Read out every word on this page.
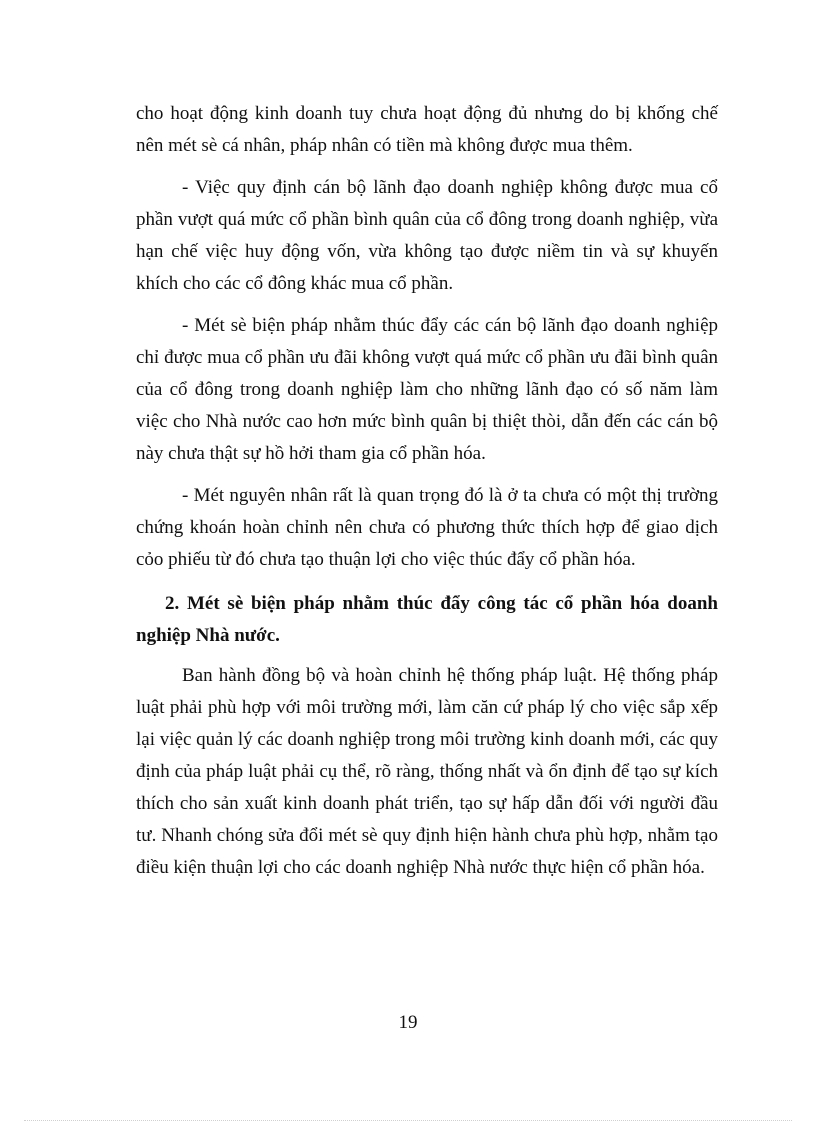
cho hoạt động kinh doanh tuy chưa hoạt động đủ nhưng do bị khống chế nên mét sè cá nhân, pháp nhân có tiền mà không được mua thêm.

- Việc quy định cán bộ lãnh đạo doanh nghiệp không được mua cổ phần vượt quá mức cổ phần bình quân của cổ đông trong doanh nghiệp, vừa hạn chế việc huy động vốn, vừa không tạo được niềm tin và sự khuyến khích cho các cổ đông khác mua cổ phần.

- Mét sè biện pháp nhằm thúc đẩy các cán bộ lãnh đạo doanh nghiệp chỉ được mua cổ phần ưu đãi không vượt quá mức cổ phần ưu đãi bình quân của cổ đông trong doanh nghiệp làm cho những lãnh đạo có số năm làm việc cho Nhà nước cao hơn mức bình quân bị thiệt thòi, dẫn đến các cán bộ này chưa thật sự hồ hởi tham gia cổ phần hóa.

- Mét nguyên nhân rất là quan trọng đó là ở ta chưa có một thị trường chứng khoán hoàn chỉnh nên chưa có phương thức thích hợp để giao dịch cỏo phiếu từ đó chưa tạo thuận lợi cho việc thúc đẩy cổ phần hóa.

2. Mét sè biện pháp nhằm thúc đẩy công tác cổ phần hóa doanh nghiệp Nhà nước.

Ban hành đồng bộ và hoàn chỉnh hệ thống pháp luật. Hệ thống pháp luật phải phù hợp với môi trường mới, làm căn cứ pháp lý cho việc sắp xếp lại việc quản lý các doanh nghiệp trong môi trường kinh doanh mới, các quy định của pháp luật phải cụ thể, rõ ràng, thống nhất và ổn định để tạo sự kích thích cho sản xuất kinh doanh phát triển, tạo sự hấp dẫn đối với người đầu tư. Nhanh chóng sửa đổi mét sè quy định hiện hành chưa phù hợp, nhằm tạo điều kiện thuận lợi cho các doanh nghiệp Nhà nước thực hiện cổ phần hóa.

19
